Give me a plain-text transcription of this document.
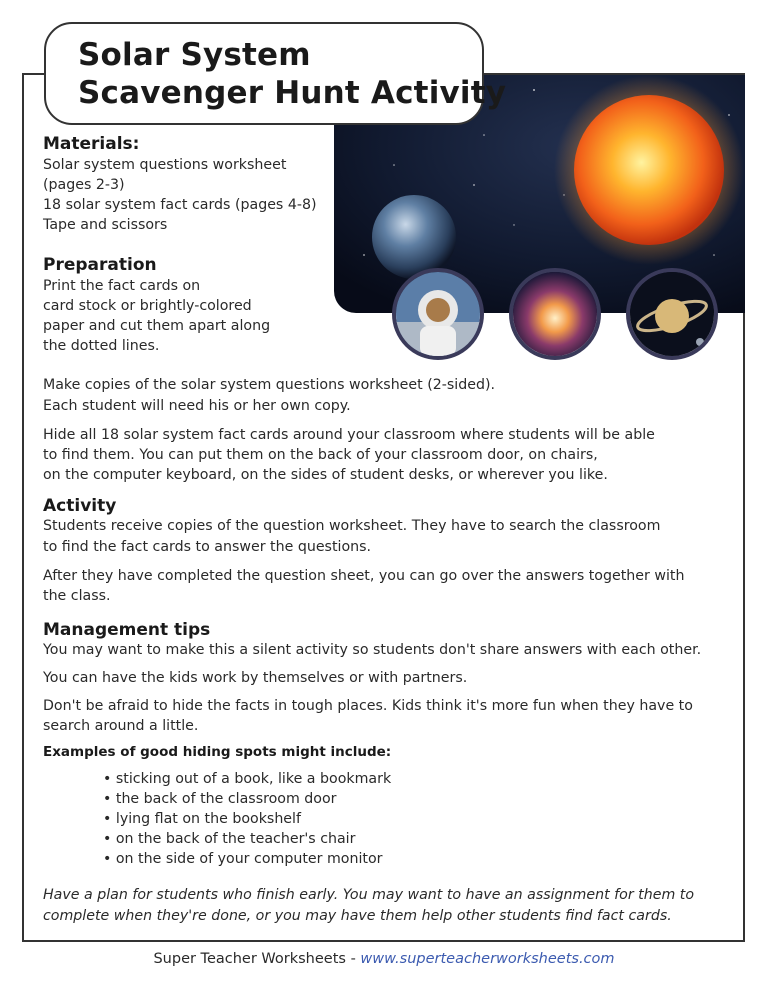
Solar System
Scavenger Hunt Activity
Materials:
Solar system questions worksheet
(pages 2-3)
18 solar system fact cards (pages 4-8)
Tape and scissors
Preparation
Print the fact cards on
card stock or brightly-colored
paper and cut them apart along
the dotted lines.
Make copies of the solar system questions worksheet (2-sided).
Each student will need his or her own copy.
Hide all 18 solar system fact cards around your classroom where students will be able
to find them. You can put them on the back of your classroom door, on chairs,
on the computer keyboard, on the sides of student desks, or wherever you like.
Activity
Students receive copies of the question worksheet. They have to search the classroom
to find the fact cards to answer the questions.
After they have completed the question sheet, you can go over the answers together with
the class.
Management tips
You may want to make this a silent activity so students don't share answers with each other.
You can have the kids work by themselves or with partners.
Don't be afraid to hide the facts in tough places. Kids think it's more fun when they have to
search around a little.
Examples of good hiding spots might include:
• sticking out of a book, like a bookmark
• the back of the classroom door
• lying flat on the bookshelf
• on the back of the teacher's chair
• on the side of your computer monitor
Have a plan for students who finish early. You may want to have an assignment for them to
complete when they're done, or you may have them help other students find fact cards.
Super Teacher Worksheets - www.superteacherworksheets.com
